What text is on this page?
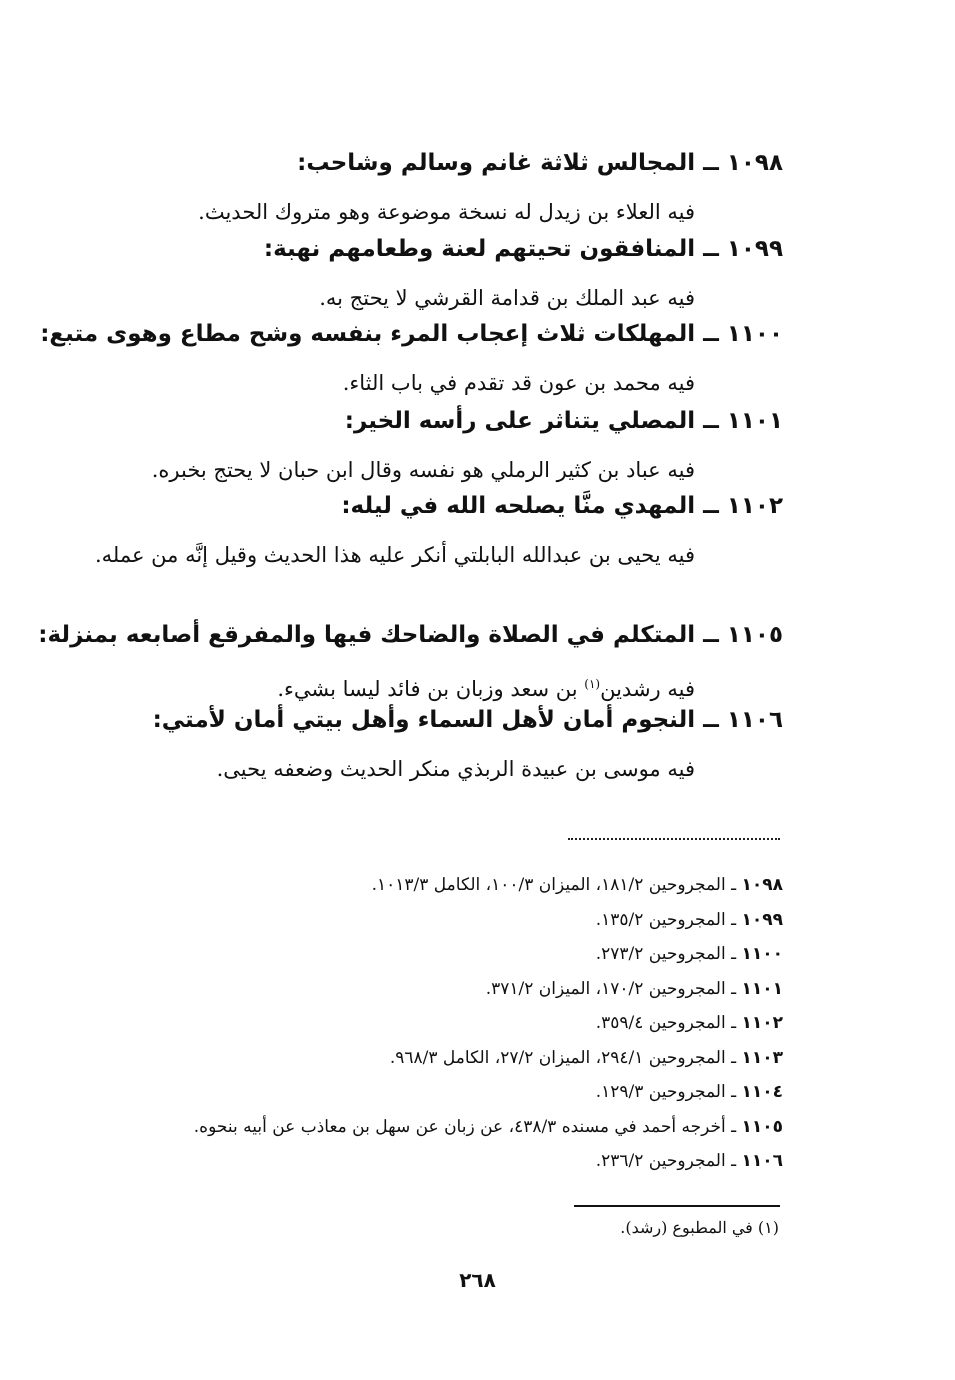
١٠٩٨ ــ المجالس ثلاثة غانم وسالم وشاحب:
فيه العلاء بن زيدل له نسخة موضوعة وهو متروك الحديث.
١٠٩٩ ــ المنافقون تحيتهم لعنة وطعامهم نهبة:
فيه عبد الملك بن قدامة القرشي لا يحتج به.
١١٠٠ ــ المهلكات ثلاث إعجاب المرء بنفسه وشح مطاع وهوى متبع:
فيه محمد بن عون قد تقدم في باب الثاء.
١١٠١ ــ المصلي يتناثر على رأسه الخير:
فيه عباد بن كثير الرملي هو نفسه وقال ابن حبان لا يحتج بخبره.
١١٠٢ ــ المهدي منَّا يصلحه الله في ليله:
فيه يحيى بن عبدالله البابلتي أنكر عليه هذا الحديث وقيل إنَّه من عمله.
١١٠٥ ــ المتكلم في الصلاة والضاحك فيها والمفرقع أصابعه بمنزلة:
فيه رشدين$^{(١)}$ بن سعد وزبان بن فائد ليسا بشيء.
١١٠٦ ــ النجوم أمان لأهل السماء وأهل بيتي أمان لأمتي:
فيه موسى بن عبيدة الربذي منكر الحديث وضعفه يحيى.
١٠٩٨ ـ المجروحين ١٨١/٢، الميزان ١٠٠/٣، الكامل ١٠١٣/٣.
١٠٩٩ ـ المجروحين ١٣٥/٢.
١١٠٠ ـ المجروحين ٢٧٣/٢.
١١٠١ ـ المجروحين ١٧٠/٢، الميزان ٣٧١/٢.
١١٠٢ ـ المجروحين ٣٥٩/٤.
١١٠٣ ـ المجروحين ٢٩٤/١، الميزان ٢٧/٢، الكامل ٩٦٨/٣.
١١٠٤ ـ المجروحين ١٢٩/٣.
١١٠٥ ـ أخرجه أحمد في مسنده ٤٣٨/٣، عن زبان عن سهل بن معاذب عن أبيه بنحوه.
١١٠٦ ـ المجروحين ٢٣٦/٢.
(١) في المطبوع (رشد).
٢٦٨
